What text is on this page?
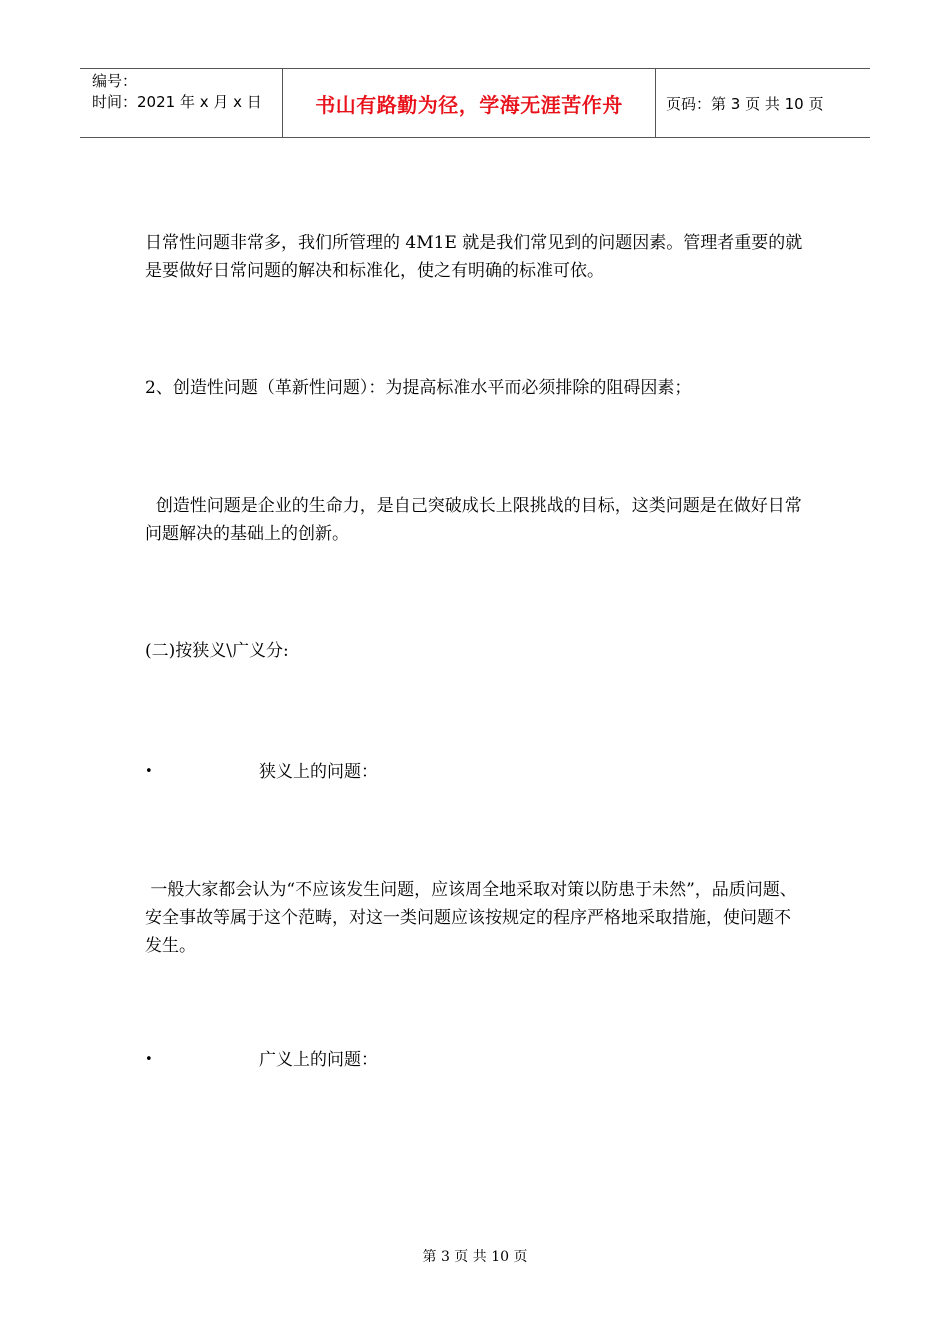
编号：
时间：2021 年 x 月 x 日	书山有路勤为径，学海无涯苦作舟	页码：第 3 页 共 10 页

日常性问题非常多，我们所管理的 4M1E 就是我们常见到的问题因素。管理者重要的就是要做好日常问题的解决和标准化，使之有明确的标准可依。

2、创造性问题（革新性问题）：为提高标准水平而必须排除的阻碍因素；

创造性问题是企业的生命力，是自己突破成长上限挑战的目标，这类问题是在做好日常问题解决的基础上的创新。

(二)按狭义\广义分:

•	狭义上的问题：

一般大家都会认为“不应该发生问题，应该周全地采取对策以防患于未然”，品质问题、安全事故等属于这个范畴，对这一类问题应该按规定的程序严格地采取措施，使问题不发生。

•	广义上的问题：
第 3 页 共 10 页
